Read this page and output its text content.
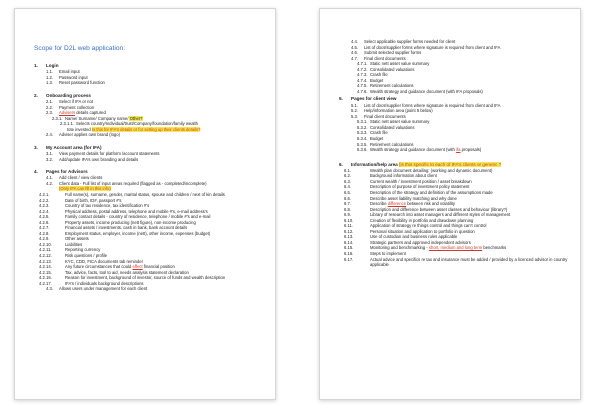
Scope for D2L web application:
1. Login
1.1. Email input
1.2. Password input
1.3. Reset password function
2. Onboarding process
2.1. Select if IFA or not
2.2. Payment collection
2.3. Advisers details captured
2.3.1. Name/ Surname/ Company name/ Other?
2.3.1.1. Selects country/Individual/trust/Company/foundation/family wealth
tote invested Is this for IFA’s details or for setting up their clients details?
2.4. Adviser applies own brand (logo)
3. My Account area (for IFA)
3.1. View payment details for platform /account statements
3.2. Add/update IFA’s own branding and details
4. Pages for Advisors
4.1. Add client / view clients
4.2. Client data - Full list of input areas required (flagged as - completed/incomplete)
(Only IFA can fill in this info)
4.2.1.	Full name(s), surname, gender, marital status, spouse and children / next of kin details
4.2.2.	Date of birth, ID#, passport #’s
4.2.3.	Country of tax residence, tax identification #’s
4.2.4.	Physical address, postal address, telephone and mobile #’s, e-mail address’s
4.2.5.	Family contact details - country of residence, telephone / mobile #’s and e-mail
4.2.6.	Property assets, income producing (nett figure), non-income producing
4.2.7.	Financial assets / investments, cash in bank, bank account details
4.2.8.	Employment status, employer, income (nett), other income, expenses (budget)
4.2.9.	Other assets
4.2.10.	Liabilities
4.2.11.	Reporting currency
4.2.12.	Risk questions / profile
4.2.13.	KYC, CDD, FICA documents tab reminder
4.2.14.	Any future circumstances that could effect financial position
4.2.15.	Tax, advice, facts, tool to aid, needs analysis statement declaration
4.2.16.	Reason for investment, background of investor, source of funds and wealth description
4.2.17.	IFA’s / individuals background descriptions
4.3. Allows users under management for each client
4.4. Select applicable supplier forms needed for client
4.5. List of docs/supplier forms where signature is required from client and IFA
4.6. Submit selected supplier forms
4.7. Final client documents
4.7.1. Static nett asset value summary
4.7.2. Consolidated valuations
4.7.3. Crash file
4.7.4. Budget
4.7.5. Retirement calculations
4.7.6. Wealth strategy and guidance document (with IFA proposals)
5. Pages for client view
5.1. List of docs/supplier forms where signature is required from client and IFA
5.2. Help/information area (point 5 below)
5.3. Final client documents
5.3.1. Static nett asset value summary
5.3.2. Consolidated valuations
5.3.3. Crash file
5.3.4. Budget
5.3.5. Retirement calculations
5.3.6. Wealth strategy and guidance document (with ifa proposals)
6. Information/help area (is this specific to each of IFA’s clients or generic ?
6.1.	Wealth plan document detailing: (working and dynamic document)
6.2.	Background information about client
6.3.	Current wealth / investment position / asset breakdown
6.4.	Description of purpose of investment policy statement
6.5.	Description of the strategy and definition of the assumptions made
6.6.	Describe asset liability matching and why done
6.7.	Describe difference between risk and volatility
6.8.	Description and difference between asset classes and behaviour (library?)
6.9.	Library of research into asset managers and different styles of management
6.10.	Creation of flexibility in portfolio and drawdown planning
6.11.	Application of strategy re things control and things can’t control
6.12.	Personal situation and application to portfolio in question
6.13.	Use of custodian and business rules applicable
6.14.	Strategic partners and approved independent advisors
6.15.	Monitoring and benchmarking - short, medium and long term benchmarks
6.16.	Steps to implement
6.17.	Actual advice and specifics re tax and insurance must be added / provided by a licenced advisor in country applicable
